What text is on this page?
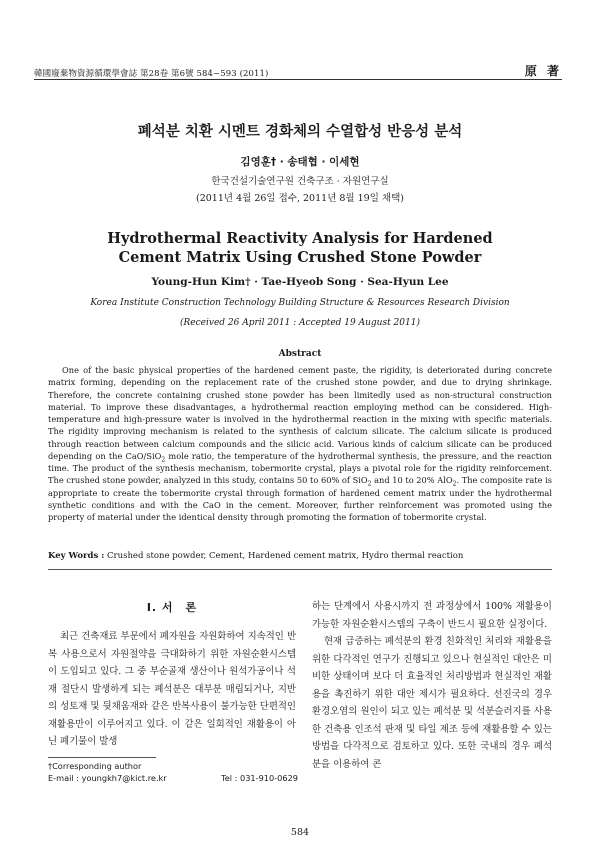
韓國廢棄物資源循環學會誌 第28卷 第6號 584~593 (2011)	原 著
폐석분 치환 시멘트 경화체의 수열합성 반응성 분석
김영훈† · 송태협 · 이세현
한국건설기술연구원 건축구조 · 자원연구실
(2011년 4월 26일 접수, 2011년 8월 19일 채택)
Hydrothermal Reactivity Analysis for Hardened Cement Matrix Using Crushed Stone Powder
Young-Hun Kim† · Tae-Hyeob Song · Sea-Hyun Lee
Korea Institute Construction Technology Building Structure & Resources Research Division
(Received 26 April 2011 : Accepted 19 August 2011)
Abstract

One of the basic physical properties of the hardened cement paste, the rigidity, is deteriorated during concrete matrix forming, depending on the replacement rate of the crushed stone powder, and due to drying shrinkage. Therefore, the concrete containing crushed stone powder has been limitedly used as non-structural construction material. To improve these disadvantages, a hydrothermal reaction employing method can be considered. High-temperature and high-pressure water is involved in the hydrothermal reaction in the mixing with specific materials. The rigidity improving mechanism is related to the synthesis of calcium silicate. The calcium silicate is produced through reaction between calcium compounds and the silicic acid. Various kinds of calcium silicate can be produced depending on the CaO/SiO$_2$ mole ratio, the temperature of the hydrothermal synthesis, the pressure, and the reaction time. The product of the synthesis mechanism, tobermorite crystal, plays a pivotal role for the rigidity reinforcement. The crushed stone powder, analyzed in this study, contains 50 to 60% of SiO$_2$ and 10 to 20% AlO$_2$. The composite rate is appropriate to create the tobermorite crystal through formation of hardened cement matrix under the hydrothermal synthetic conditions and with the CaO in the cement. Moreover, further reinforcement was promoted using the property of material under the identical density through promoting the formation of tobermorite crystal.

Key Words : Crushed stone powder, Cement, Hardened cement matrix, Hydro thermal reaction
I. 서　론

최근 건축재료 부문에서 폐자원을 자원화하여 지속적인 반복 사용으로서 자원절약을 극대화하기 위한 자원순환시스템이 도입되고 있다. 그 중 부순골재 생산이나 원석가공이나 석재 절단시 발생하게 되는 폐석분은 대부분 매립되거나, 지반의 성토재 및 뒷채움재와 같은 반복사용이 불가능한 단편적인 재활용만이 이루어지고 있다. 이 같은 일회적인 재활용이 아닌 폐기물이 발생

하는 단계에서 사용시까지 전 과정상에서 100% 재활용이 가능한 자원순환시스템의 구축이 반드시 필요한 실정이다.

현재 급증하는 폐석분의 환경 친화적인 처리와 재활용을 위한 다각적인 연구가 진행되고 있으나 현실적인 대안은 미비한 상태이며 보다 더 효율적인 처리방법과 현실적인 재활용을 촉진하기 위한 대안 제시가 필요하다. 선진국의 경우 환경오염의 원인이 되고 있는 폐석분 및 석분슬러지를 사용한 건축용 인조석 판재 및 타일 제조 등에 재활용할 수 있는 방법을 다각적으로 검토하고 있다. 또한 국내의 경우 폐석분을 이용하여 콘

†Corresponding author
E-mail : youngkh7@kict.re.kr	Tel : 031-910-0629
584
